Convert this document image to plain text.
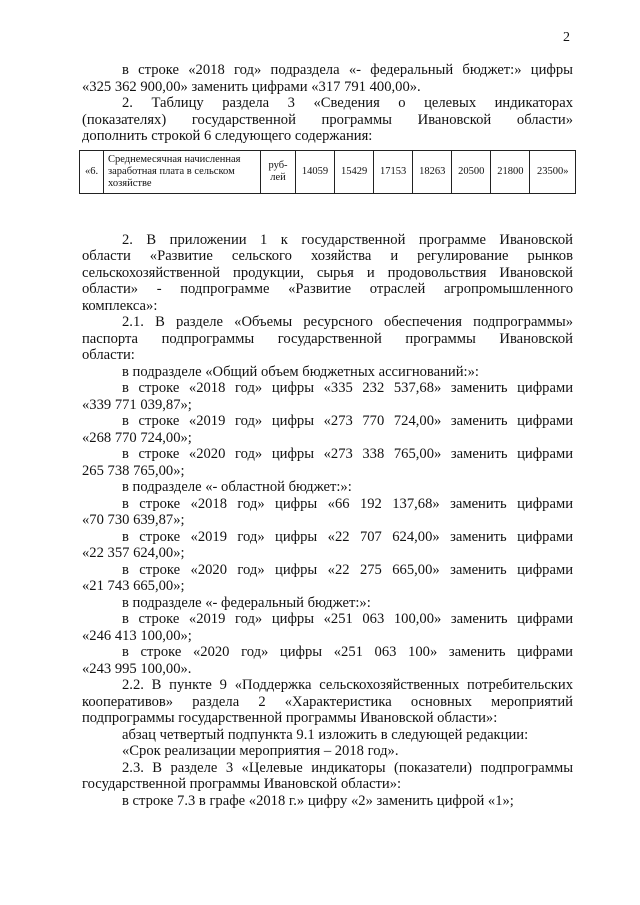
2

в строке «2018 год» подраздела «- федеральный бюджет:» цифры

«325 362 900,00» заменить цифрами «317 791 400,00».

2. Таблицу раздела 3 «Сведения о целевых индикаторах

(показателях) государственной программы Ивановской области»

дополнить строкой 6 следующего содержания:

«6.	Среднемесячная начисленная заработная плата в сельском хозяйстве	руб-лей	14059	15429	17153	18263	20500	21800	23500»

2. В приложении 1 к государственной программе Ивановской

области «Развитие сельского хозяйства и регулирование рынков

сельскохозяйственной продукции, сырья и продовольствия Ивановской

области» - подпрограмме «Развитие отраслей агропромышленного

комплекса»:

2.1. В разделе «Объемы ресурсного обеспечения подпрограммы»

паспорта подпрограммы государственной программы Ивановской

области:

в подразделе «Общий объем бюджетных ассигнований:»:

в строке «2018 год» цифры «335 232 537,68» заменить цифрами

«339 771 039,87»;

в строке «2019 год» цифры «273 770 724,00» заменить цифрами

«268 770 724,00»;

в строке «2020 год» цифры «273 338 765,00» заменить цифрами

265 738 765,00»;

в подразделе «- областной бюджет:»:

в строке «2018 год» цифры «66 192 137,68» заменить цифрами

«70 730 639,87»;

в строке «2019 год» цифры «22 707 624,00» заменить цифрами

«22 357 624,00»;

в строке «2020 год» цифры «22 275 665,00» заменить цифрами

«21 743 665,00»;

в подразделе «- федеральный бюджет:»:

в строке «2019 год» цифры «251 063 100,00» заменить цифрами

«246 413 100,00»;

в строке «2020 год» цифры «251 063 100» заменить цифрами

«243 995 100,00».

2.2. В пункте 9 «Поддержка сельскохозяйственных потребительских

кооперативов» раздела 2 «Характеристика основных мероприятий

подпрограммы государственной программы Ивановской области»:

абзац четвертый подпункта 9.1 изложить в следующей редакции:

«Срок реализации мероприятия – 2018 год».

2.3. В разделе 3 «Целевые индикаторы (показатели) подпрограммы

государственной программы Ивановской области»:

в строке 7.3 в графе «2018 г.» цифру «2» заменить цифрой «1»;
